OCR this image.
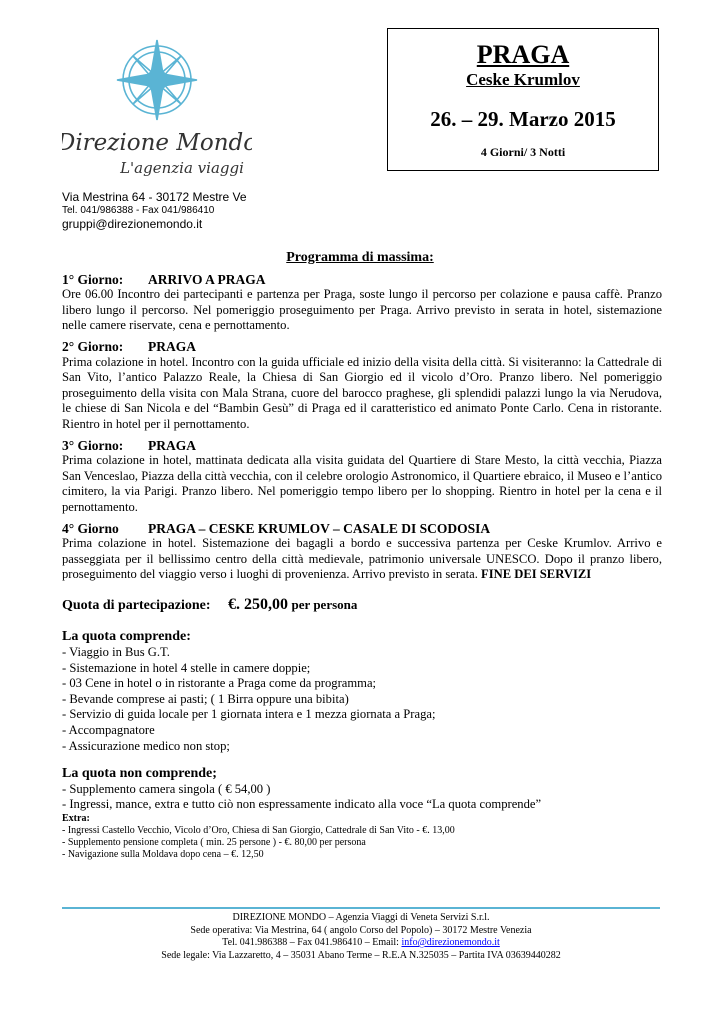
Direzione Mondo
L'agenzia viaggi
Via Mestrina 64 - 30172 Mestre Ve
Tel. 041/986388 - Fax 041/986410
gruppi@direzionemondo.it
PRAGA
Ceske Krumlov
26. – 29. Marzo 2015
4 Giorni/ 3 Notti
Programma di massima:
1° Giorno: ARRIVO A PRAGA
Ore 06.00 Incontro dei partecipanti e partenza per Praga, soste lungo il percorso per colazione e pausa caffè. Pranzo libero lungo il percorso. Nel pomeriggio proseguimento per Praga. Arrivo previsto in serata in hotel, sistemazione nelle camere riservate, cena e pernottamento.
2° Giorno: PRAGA
Prima colazione in hotel. Incontro con la guida ufficiale ed inizio della visita della città. Si visiteranno: la Cattedrale di San Vito, l’antico Palazzo Reale, la Chiesa di San Giorgio ed il vicolo d’Oro. Pranzo libero. Nel pomeriggio proseguimento della visita con Mala Strana, cuore del barocco praghese, gli splendidi palazzi lungo la via Nerudova, le chiese di San Nicola e del “Bambin Gesù” di Praga ed il caratteristico ed animato Ponte Carlo. Cena in ristorante. Rientro in hotel per il pernottamento.
3° Giorno: PRAGA
Prima colazione in hotel, mattinata dedicata alla visita guidata del Quartiere di Stare Mesto, la città vecchia, Piazza San Venceslao, Piazza della città vecchia, con il celebre orologio Astronomico, il Quartiere ebraico, il Museo e l’antico cimitero, la via Parigi. Pranzo libero. Nel pomeriggio tempo libero per lo shopping. Rientro in hotel per la cena e il pernottamento.
4° Giorno PRAGA – CESKE KRUMLOV – CASALE DI SCODOSIA
Prima colazione in hotel. Sistemazione dei bagagli a bordo e successiva partenza per Ceske Krumlov. Arrivo e passeggiata per il bellissimo centro della città medievale, patrimonio universale UNESCO. Dopo il pranzo libero, proseguimento del viaggio verso i luoghi di provenienza. Arrivo previsto in serata. FINE DEI SERVIZI
Quota di partecipazione: €. 250,00 per persona
La quota comprende:
- Viaggio in Bus G.T.
- Sistemazione in hotel 4 stelle in camere doppie;
- 03 Cene in hotel o in ristorante a Praga come da programma;
- Bevande comprese ai pasti; ( 1 Birra oppure una bibita)
- Servizio di guida locale per 1 giornata intera e 1 mezza giornata a Praga;
- Accompagnatore
- Assicurazione medico non stop;
La quota non comprende;
- Supplemento camera singola ( € 54,00 )
- Ingressi, mance, extra e tutto ciò non espressamente indicato alla voce “La quota comprende”
Extra:
- Ingressi Castello Vecchio, Vicolo d’Oro, Chiesa di San Giorgio, Cattedrale di San Vito - €. 13,00
- Supplemento pensione completa ( min. 25 persone ) - €. 80,00 per persona
- Navigazione sulla Moldava dopo cena – €. 12,50
DIREZIONE MONDO – Agenzia Viaggi di Veneta Servizi S.r.l.
Sede operativa: Via Mestrina, 64 ( angolo Corso del Popolo) – 30172 Mestre Venezia
Tel. 041.986388 – Fax 041.986410 – Email: info@direzionemondo.it
Sede legale: Via Lazzaretto, 4 – 35031 Abano Terme – R.E.A N.325035 – Partita IVA 03639440282
